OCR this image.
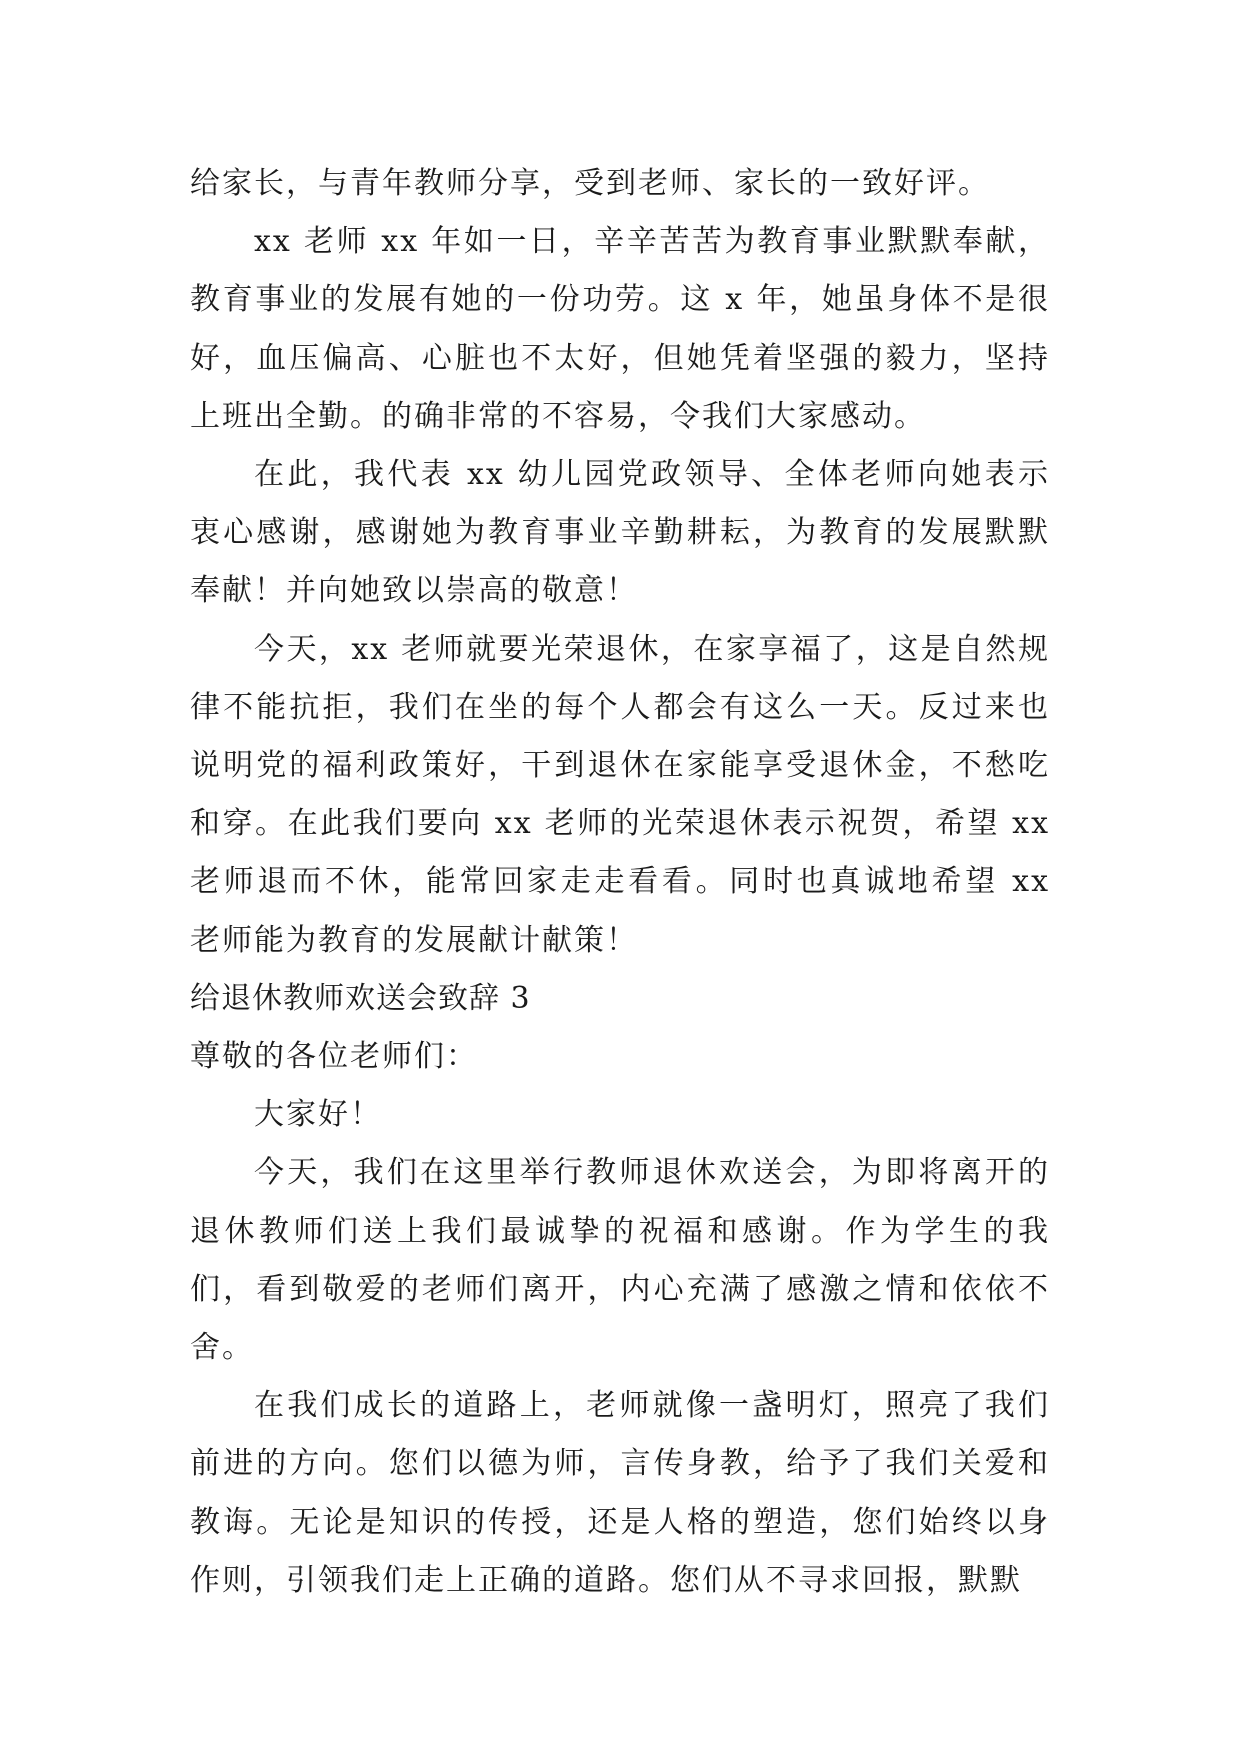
给家长，与青年教师分享，受到老师、家长的一致好评。

xx 老师 xx 年如一日，辛辛苦苦为教育事业默默奉献，教育事业的发展有她的一份功劳。这 x 年，她虽身体不是很好，血压偏高、心脏也不太好，但她凭着坚强的毅力，坚持上班出全勤。的确非常的不容易，令我们大家感动。

在此，我代表 xx 幼儿园党政领导、全体老师向她表示衷心感谢，感谢她为教育事业辛勤耕耘，为教育的发展默默奉献！并向她致以崇高的敬意！

今天，xx 老师就要光荣退休，在家享福了，这是自然规律不能抗拒，我们在坐的每个人都会有这么一天。反过来也说明党的福利政策好，干到退休在家能享受退休金，不愁吃和穿。在此我们要向 xx 老师的光荣退休表示祝贺，希望 xx 老师退而不休，能常回家走走看看。同时也真诚地希望 xx 老师能为教育的发展献计献策！

给退休教师欢送会致辞 3

尊敬的各位老师们：

大家好！

今天，我们在这里举行教师退休欢送会，为即将离开的退休教师们送上我们最诚挚的祝福和感谢。作为学生的我们，看到敬爱的老师们离开，内心充满了感激之情和依依不舍。

在我们成长的道路上，老师就像一盏明灯，照亮了我们前进的方向。您们以德为师，言传身教，给予了我们关爱和教诲。无论是知识的传授，还是人格的塑造，您们始终以身作则，引领我们走上正确的道路。您们从不寻求回报，默默
